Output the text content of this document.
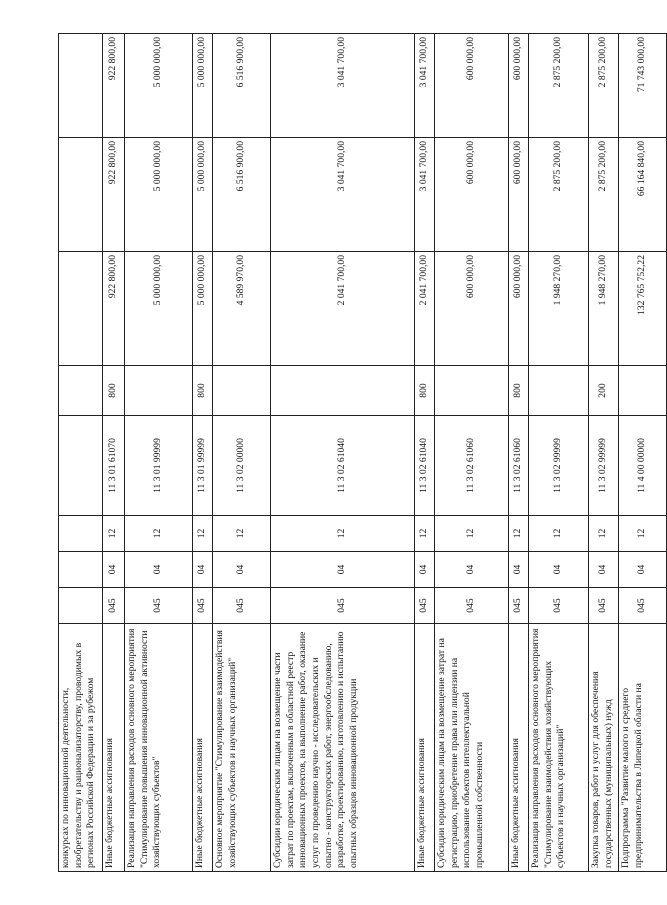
конкурсах по инновационной деятельности, изобретательству и рационализаторству, проводимых в регионах Российской Федерации и за рубежом								
Иные бюджетные ассигнования	045	04	12	11 3 01 61070	800	922 800,00	922 800,00	922 800,00
Реализация направления расходов основного мероприятия "Стимулирование повышения инновационной активности хозяйствующих субъектов"	045	04	12	11 3 01 99999		5 000 000,00	5 000 000,00	5 000 000,00
Иные бюджетные ассигнования	045	04	12	11 3 01 99999	800	5 000 000,00	5 000 000,00	5 000 000,00
Основное мероприятие "Стимулирование взаимодействия хозяйствующих субъектов и научных организаций"	045	04	12	11 3 02 00000		4 589 970,00	6 516 900,00	6 516 900,00
Субсидии юридическим лицам на возмещение части затрат по проектам, включенным в областной реестр инновационных проектов, на выполнение работ, оказание услуг по проведению научно - исследовательских и опытно - конструкторских работ, энергообследованию, разработке, проектированию, изготовлению и испытанию опытных образцов инновационной продукции	045	04	12	11 3 02 61040		2 041 700,00	3 041 700,00	3 041 700,00
Иные бюджетные ассигнования	045	04	12	11 3 02 61040	800	2 041 700,00	3 041 700,00	3 041 700,00
Субсидии юридическим лицам на возмещение затрат на регистрацию, приобретение права или лицензии на использование объектов интеллектуальной промышленной собственности	045	04	12	11 3 02 61060		600 000,00	600 000,00	600 000,00
Иные бюджетные ассигнования	045	04	12	11 3 02 61060	800	600 000,00	600 000,00	600 000,00
Реализация направления расходов основного мероприятия "Стимулирование взаимодействия хозяйствующих субъектов и научных организаций"	045	04	12	11 3 02 99999		1 948 270,00	2 875 200,00	2 875 200,00
Закупка товаров, работ и услуг для обеспечения государственных (муниципальных) нужд	045	04	12	11 3 02 99999	200	1 948 270,00	2 875 200,00	2 875 200,00
Подпрограмма "Развитие малого и среднего предпринимательства в Липецкой области на	045	04	12	11 4 00 00000		132 765 752,22	66 164 840,00	71 743 000,00
